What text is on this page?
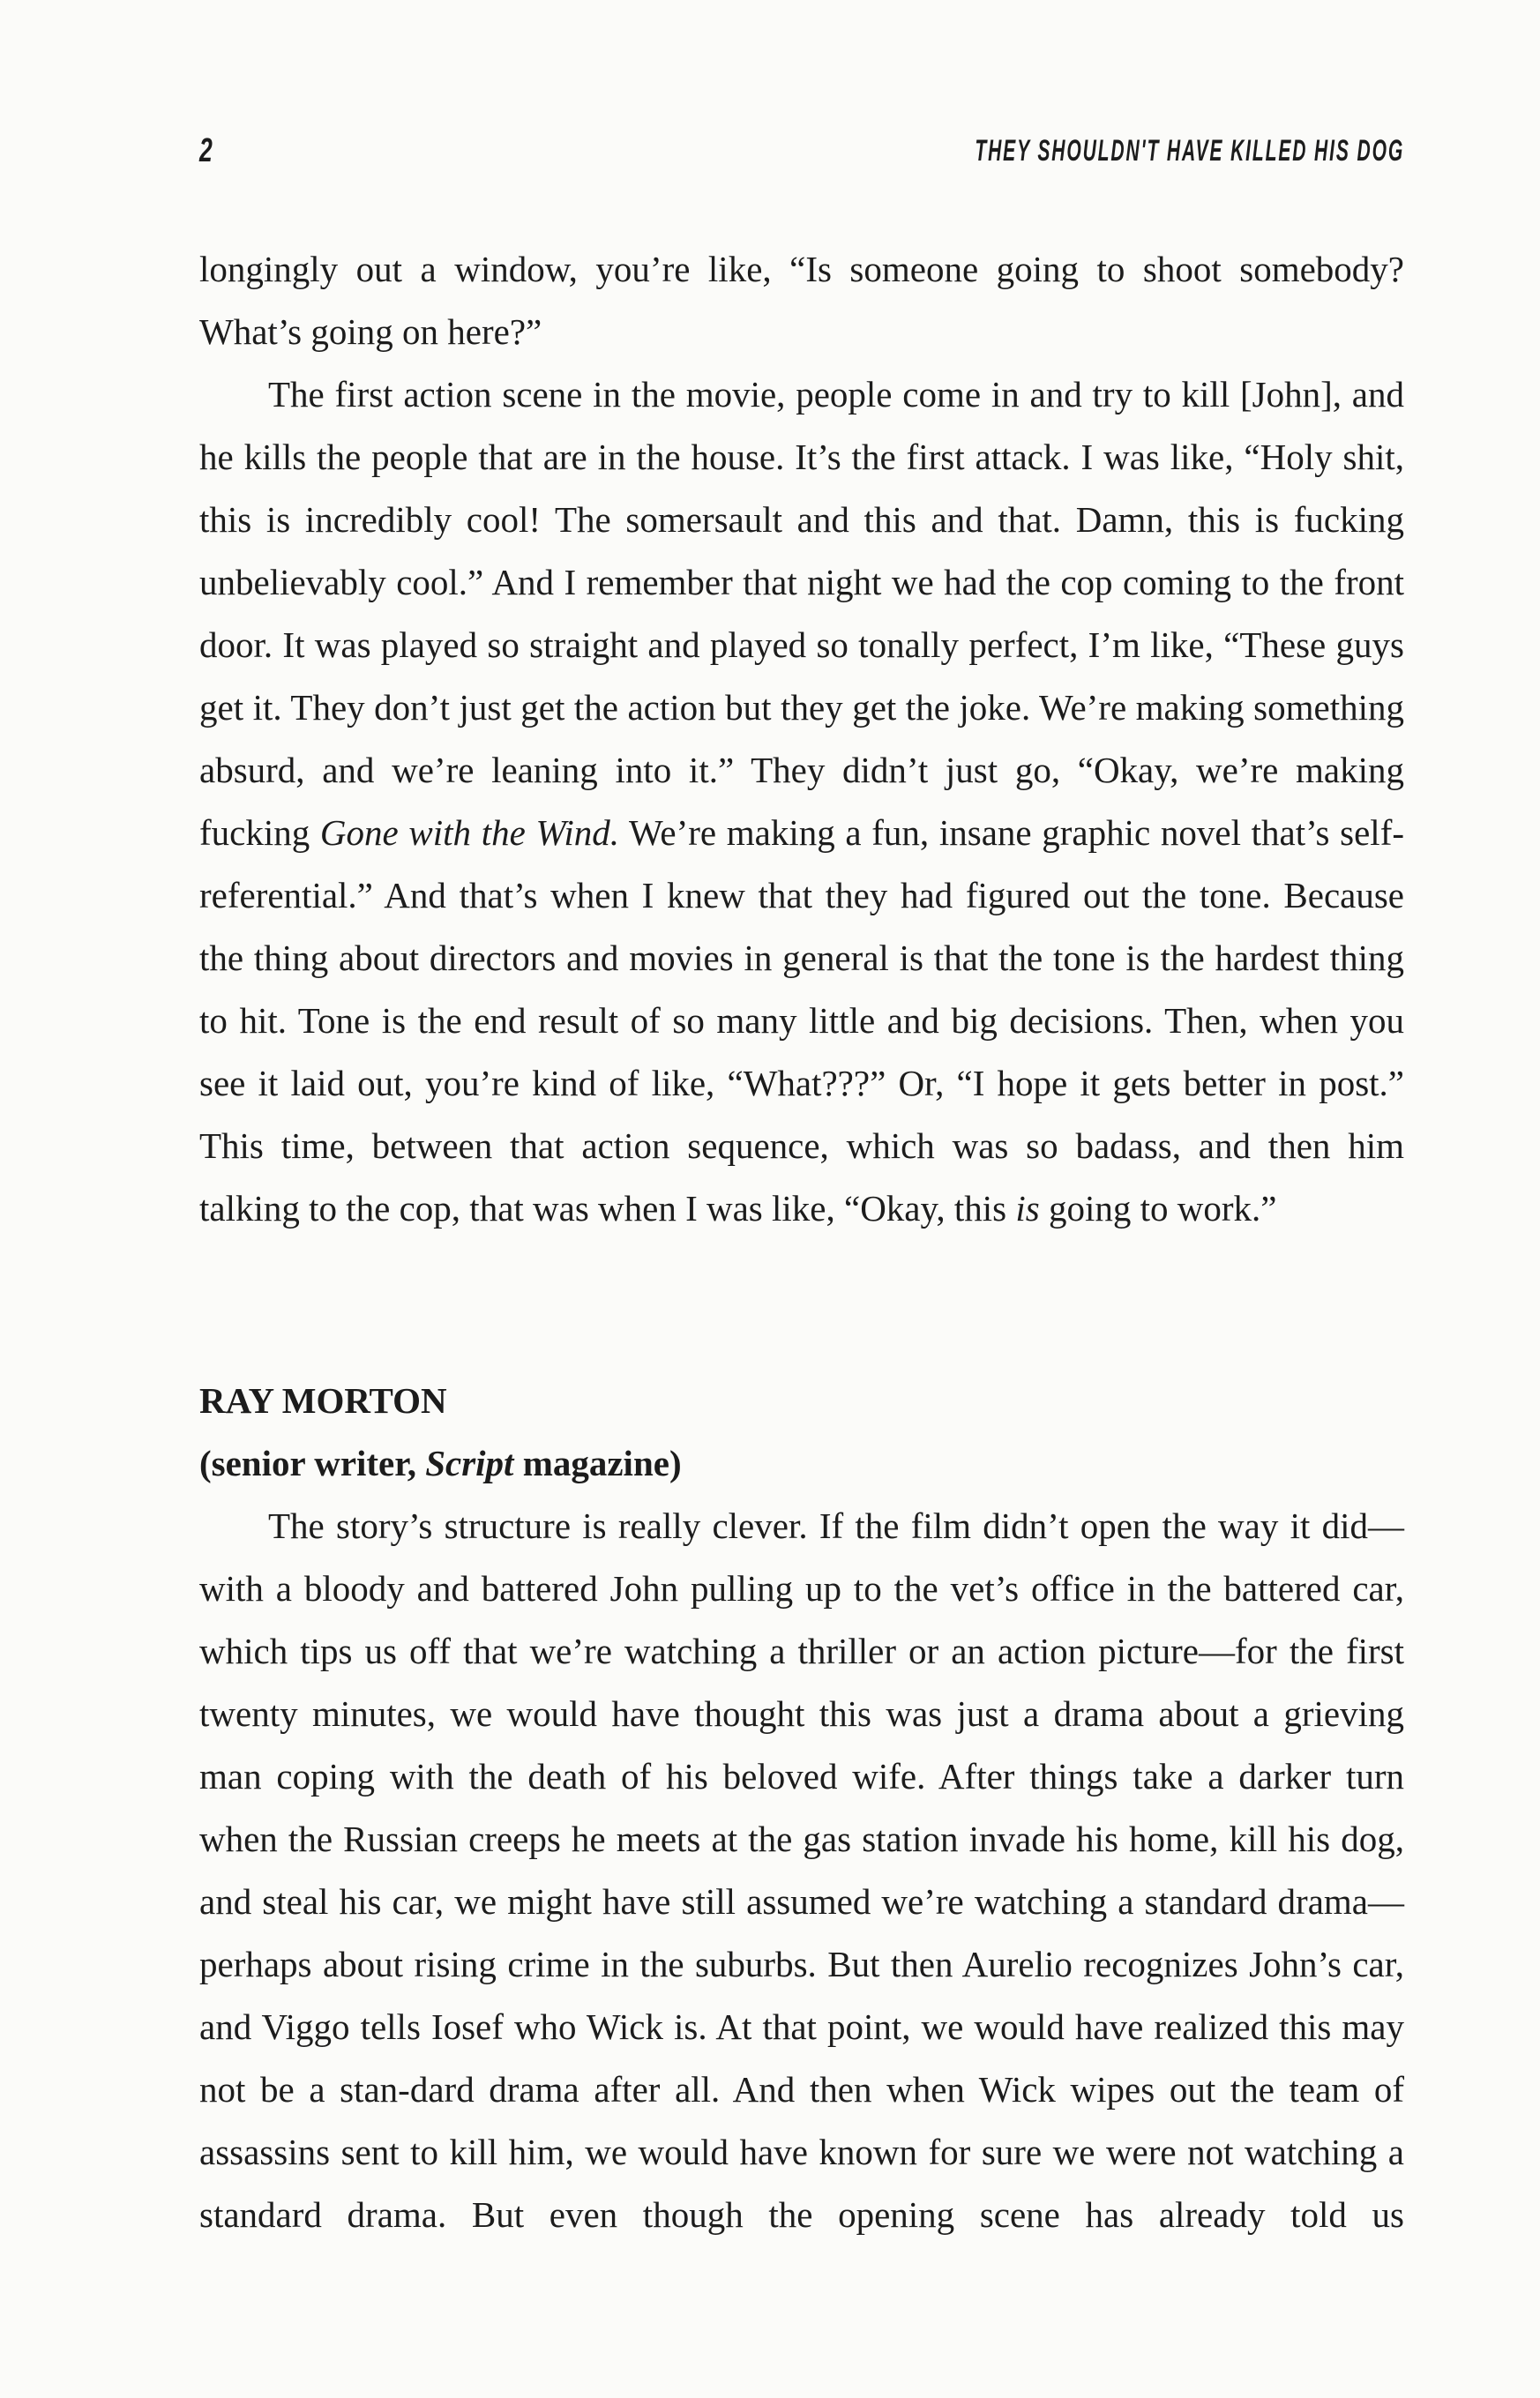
2	THEY SHOULDN'T HAVE KILLED HIS DOG

longingly out a window, you’re like, “Is someone going to shoot somebody? What’s going on here?”

The first action scene in the movie, people come in and try to kill [John], and he kills the people that are in the house. It’s the first attack. I was like, “Holy shit, this is incredibly cool! The somersault and this and that. Damn, this is fucking unbelievably cool.” And I remember that night we had the cop coming to the front door. It was played so straight and played so tonally perfect, I’m like, “These guys get it. They don’t just get the action but they get the joke. We’re making something absurd, and we’re leaning into it.” They didn’t just go, “Okay, we’re making fucking Gone with the Wind. We’re making a fun, insane graphic novel that’s self-referential.” And that’s when I knew that they had figured out the tone. Because the thing about directors and movies in general is that the tone is the hardest thing to hit. Tone is the end result of so many little and big decisions. Then, when you see it laid out, you’re kind of like, “What???” Or, “I hope it gets better in post.” This time, between that action sequence, which was so badass, and then him talking to the cop, that was when I was like, “Okay, this is going to work.”

RAY MORTON
(senior writer, Script magazine)

The story’s structure is really clever. If the film didn’t open the way it did—with a bloody and battered John pulling up to the vet’s office in the battered car, which tips us off that we’re watching a thriller or an action picture—for the first twenty minutes, we would have thought this was just a drama about a grieving man coping with the death of his beloved wife. After things take a darker turn when the Russian creeps he meets at the gas station invade his home, kill his dog, and steal his car, we might have still assumed we’re watching a standard drama—perhaps about rising crime in the suburbs. But then Aurelio recognizes John’s car, and Viggo tells Iosef who Wick is. At that point, we would have realized this may not be a stan-dard drama after all. And then when Wick wipes out the team of assassins sent to kill him, we would have known for sure we were not watching a standard drama. But even though the opening scene has already told us
